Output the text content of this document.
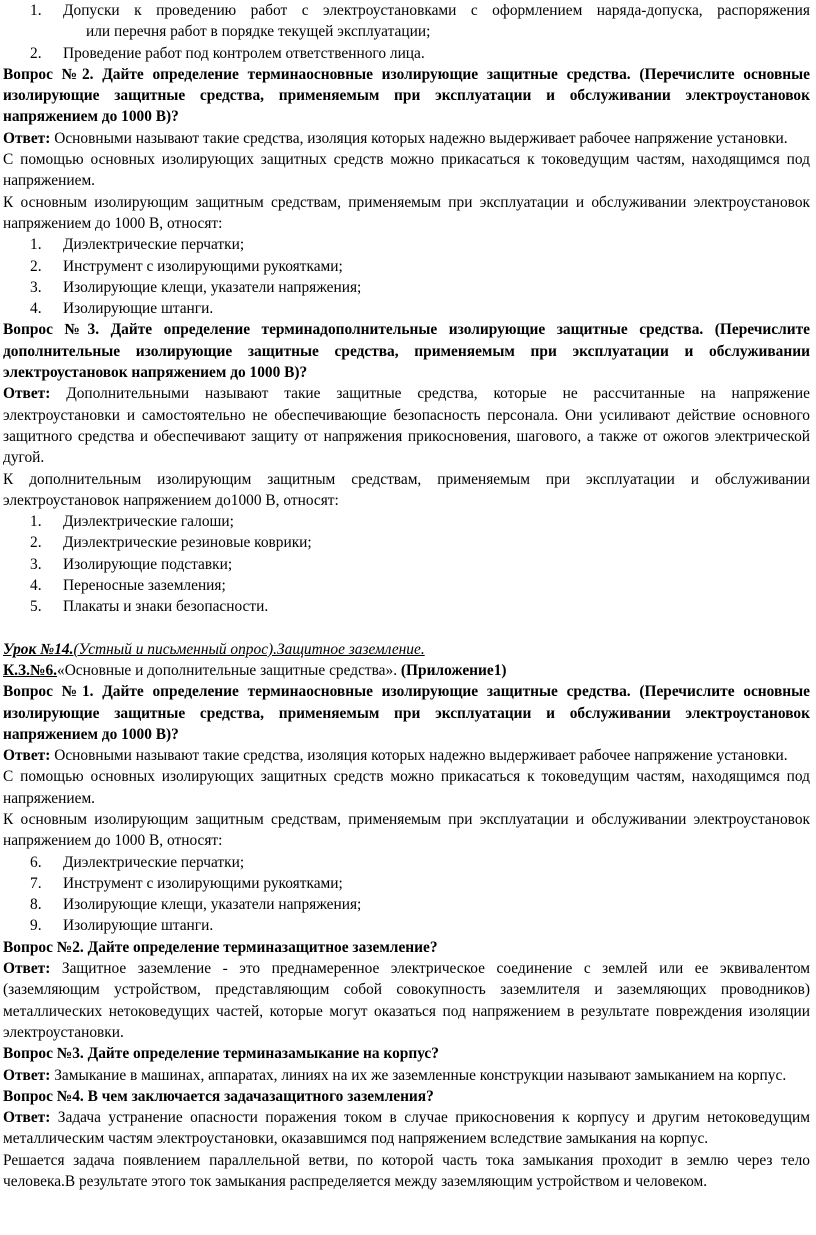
1. Допуски к проведению работ с электроустановками с оформлением наряда-допуска, распоряжения
или перечня работ в порядке текущей эксплуатации;
2. Проведение работ под контролем ответственного лица.

Вопрос №2. Дайте определение терминаосновные изолирующие защитные средства. (Перечислите основные изолирующие защитные средства, применяемым при эксплуатации и обслуживании электроустановок напряжением до 1000 В)?

Ответ: Основными называют такие средства, изоляция которых надежно выдерживает рабочее напряжение установки.

С помощью основных изолирующих защитных средств можно прикасаться к токоведущим частям, находящимся под напряжением.

К основным изолирующим защитным средствам, применяемым при эксплуатации и обслуживании электроустановок напряжением до 1000 В, относят:

1. Диэлектрические перчатки;
2. Инструмент с изолирующими рукоятками;
3. Изолирующие клещи, указатели напряжения;
4. Изолирующие штанги.

Вопрос №3. Дайте определение терминадополнительные изолирующие защитные средства. (Перечислите дополнительные изолирующие защитные средства, применяемым при эксплуатации и обслуживании электроустановок напряжением до 1000 В)?

Ответ: Дополнительными называют такие защитные средства, которые не рассчитанные на напряжение электроустановки и самостоятельно не обеспечивающие безопасность персонала. Они усиливают действие основного защитного средства и обеспечивают защиту от напряжения прикосновения, шагового, а также от ожогов электрической дугой.

К дополнительным изолирующим защитным средствам, применяемым при эксплуатации и обслуживании электроустановок напряжением до1000 В, относят:

1. Диэлектрические галоши;
2. Диэлектрические резиновые коврики;
3. Изолирующие подставки;
4. Переносные заземления;
5. Плакаты и знаки безопасности.

Урок №14.(Устный и письменный опрос).Защитное заземление.

К.З.№6.«Основные и дополнительные защитные средства». (Приложение1)

Вопрос №1. Дайте определение терминаосновные изолирующие защитные средства. (Перечислите основные изолирующие защитные средства, применяемым при эксплуатации и обслуживании электроустановок напряжением до 1000 В)?

Ответ: Основными называют такие средства, изоляция которых надежно выдерживает рабочее напряжение установки.

С помощью основных изолирующих защитных средств можно прикасаться к токоведущим частям, находящимся под напряжением.

К основным изолирующим защитным средствам, применяемым при эксплуатации и обслуживании электроустановок напряжением до 1000 В, относят:

6. Диэлектрические перчатки;
7. Инструмент с изолирующими рукоятками;
8. Изолирующие клещи, указатели напряжения;
9. Изолирующие штанги.

Вопрос №2. Дайте определение терминазащитное заземление?

Ответ: Защитное заземление - это преднамеренное электрическое соединение с землей или ее эквивалентом (заземляющим устройством, представляющим собой совокупность заземлителя и заземляющих проводников) металлических нетоковедущих частей, которые могут оказаться под напряжением в результате повреждения изоляции электроустановки.

Вопрос №3. Дайте определение терминазамыкание на корпус?

Ответ: Замыкание в машинах, аппаратах, линиях на их же заземленные конструкции называют замыканием на корпус.

Вопрос №4. В чем заключается задачазащитного заземления?

Ответ: Задача устранение опасности поражения током в случае прикосновения к корпусу и другим нетоковедущим металлическим частям электроустановки, оказавшимся под напряжением вследствие замыкания на корпус.

Решается задача появлением параллельной ветви, по которой часть тока замыкания проходит в землю через тело человека.В результате этого ток замыкания распределяется между заземляющим устройством и человеком.
